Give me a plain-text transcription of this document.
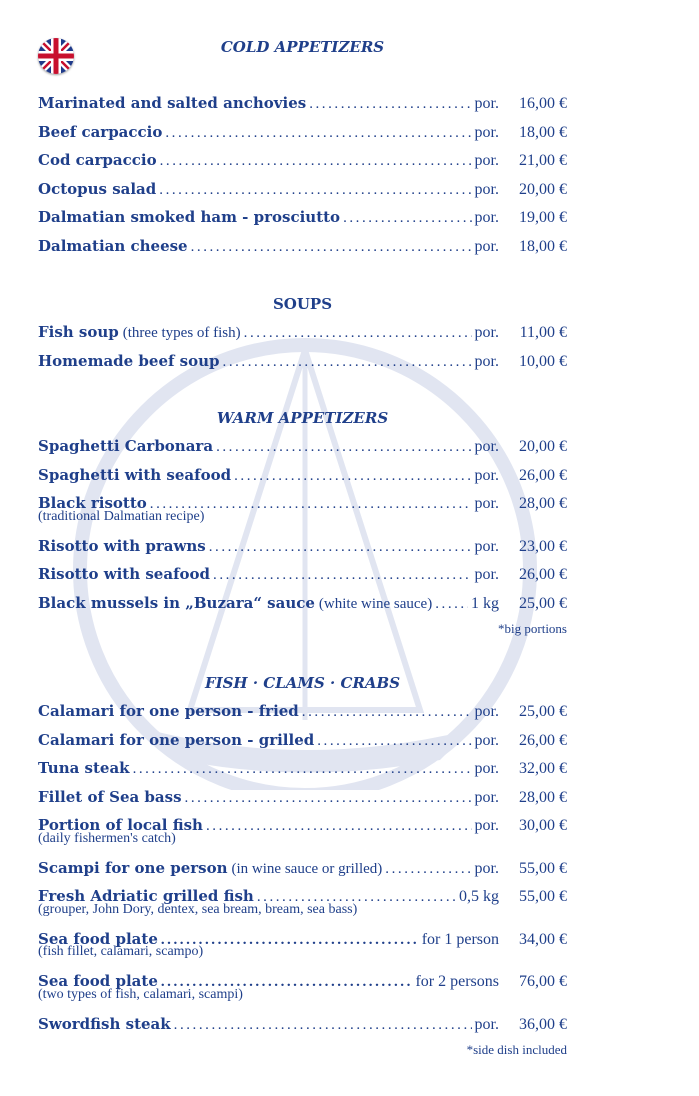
COLD APPETIZERS
Marinated and salted anchovies . . .	por.	16,00 €
Beef carpaccio . . .	por.	18,00 €
Cod carpaccio . . .	por.	21,00 €
Octopus salad . . .	por.	20,00 €
Dalmatian smoked ham - prosciutto . . .	por.	19,00 €
Dalmatian cheese . . .	por.	18,00 €
SOUPS
Fish soup (three types of fish) . . .	por.	11,00 €
Homemade beef soup . . .	por.	10,00 €
WARM APPETIZERS
Spaghetti Carbonara . . .	por.	20,00 €
Spaghetti with seafood . . .	por.	26,00 €
Black risotto . . .	por.	28,00 €
(traditional Dalmatian recipe)
Risotto with prawns . . .	por.	23,00 €
Risotto with seafood . . .	por.	26,00 €
Black mussels in „Buzara“ sauce (white wine sauce) . . . 1 kg	25,00 €
*big portions
FISH · CLAMS · CRABS
Calamari for one person - fried . . .	por.	25,00 €
Calamari for one person - grilled . . .	por.	26,00 €
Tuna steak . . .	por.	32,00 €
Fillet of Sea bass . . .	por.	28,00 €
Portion of local fish . . .	por.	30,00 €
(daily fishermen's catch)
Scampi for one person (in wine sauce or grilled) . . .	por.	55,00 €
Fresh Adriatic grilled fish . . .	0,5 kg	55,00 €
(grouper, John Dory, dentex, sea bream, bream, sea bass)
Sea food plate . . .	for 1 person	34,00 €
(fish fillet, calamari, scampo)
Sea food plate . . .	for 2 persons	76,00 €
(two types of fish, calamari, scampi)
Swordfish steak . . .	por.	36,00 €
*side dish included
